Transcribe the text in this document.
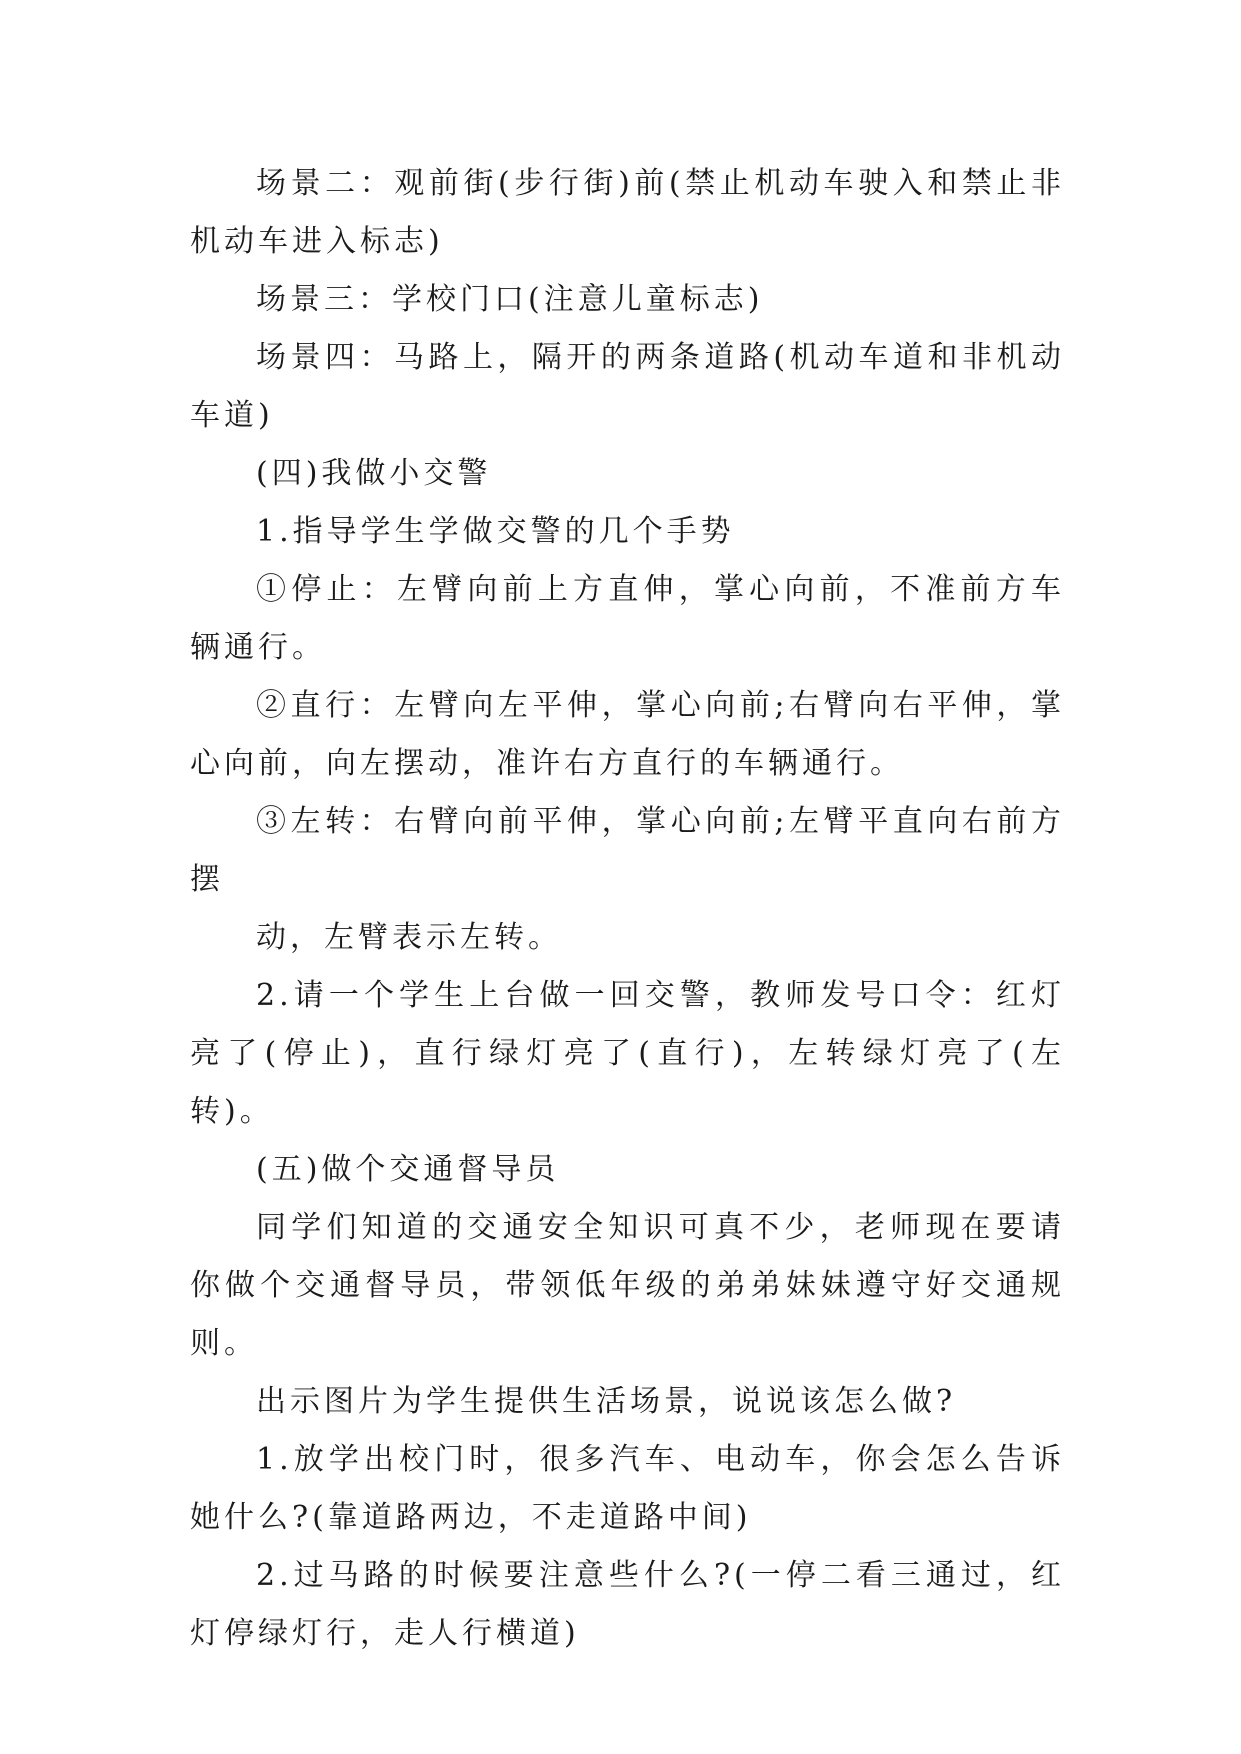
场景二：观前街(步行街)前(禁止机动车驶入和禁止非机动车进入标志)

场景三：学校门口(注意儿童标志)

场景四：马路上，隔开的两条道路(机动车道和非机动车道)

(四)我做小交警

1.指导学生学做交警的几个手势

①停止：左臂向前上方直伸，掌心向前，不准前方车辆通行。

②直行：左臂向左平伸，掌心向前;右臂向右平伸，掌心向前，向左摆动，准许右方直行的车辆通行。

③左转：右臂向前平伸，掌心向前;左臂平直向右前方摆

动，左臂表示左转。

2.请一个学生上台做一回交警，教师发号口令：红灯亮了(停止)，直行绿灯亮了(直行)，左转绿灯亮了(左转)。

(五)做个交通督导员

同学们知道的交通安全知识可真不少，老师现在要请你做个交通督导员，带领低年级的弟弟妹妹遵守好交通规则。

出示图片为学生提供生活场景，说说该怎么做?

1.放学出校门时，很多汽车、电动车，你会怎么告诉她什么?(靠道路两边，不走道路中间)

2.过马路的时候要注意些什么?(一停二看三通过，红灯停绿灯行，走人行横道)
